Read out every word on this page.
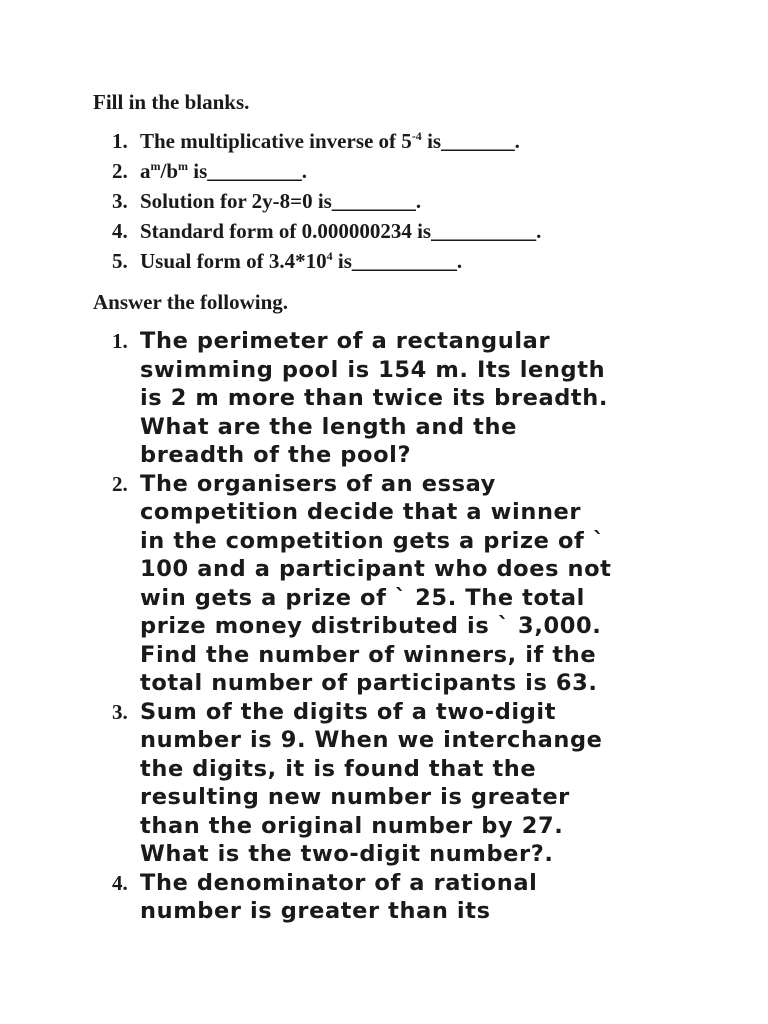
Fill in the blanks.
1. The multiplicative inverse of $5^{-4}$ is_______.
2. $a^m/b^m$ is_________.
3. Solution for 2y-8=0 is________.
4. Standard form of 0.000000234 is__________.
5. Usual form of $3.4*10^4$ is__________.
Answer the following.
1. The perimeter of a rectangular
swimming pool is 154 m. Its length
is 2 m more than twice its breadth.
What are the length and the
breadth of the pool?
2. The organisers of an essay
competition decide that a winner
in the competition gets a prize of `
100 and a participant who does not
win gets a prize of ` 25. The total
prize money distributed is ` 3,000.
Find the number of winners, if the
total number of participants is 63.
3. Sum of the digits of a two-digit
number is 9. When we interchange
the digits, it is found that the
resulting new number is greater
than the original number by 27.
What is the two-digit number?.
4. The denominator of a rational
number is greater than its
